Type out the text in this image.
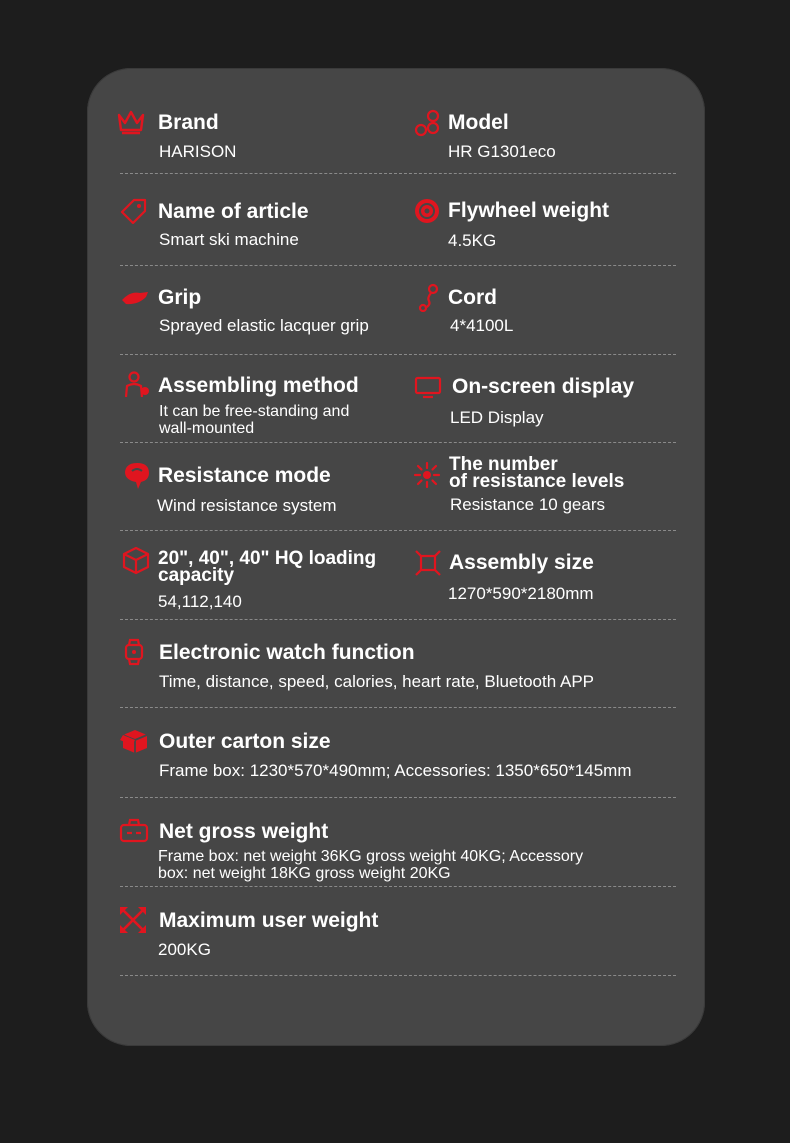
Brand
HARISON
Model
HR G1301eco
Name of article
Smart ski machine
Flywheel weight
4.5KG
Grip
Sprayed elastic lacquer grip
Cord
4*4100L
Assembling method
It can be free-standing and
wall-mounted
On-screen display
LED Display
Resistance mode
Wind resistance system
The number
of resistance levels
Resistance 10 gears
20", 40", 40" HQ loading
capacity
54,112,140
Assembly size
1270*590*2180mm
Electronic watch function
Time, distance, speed, calories, heart rate, Bluetooth APP
Outer carton size
Frame box: 1230*570*490mm; Accessories: 1350*650*145mm
Net gross weight
Frame box: net weight 36KG gross weight 40KG; Accessory
box: net weight 18KG gross weight 20KG
Maximum user weight
200KG
